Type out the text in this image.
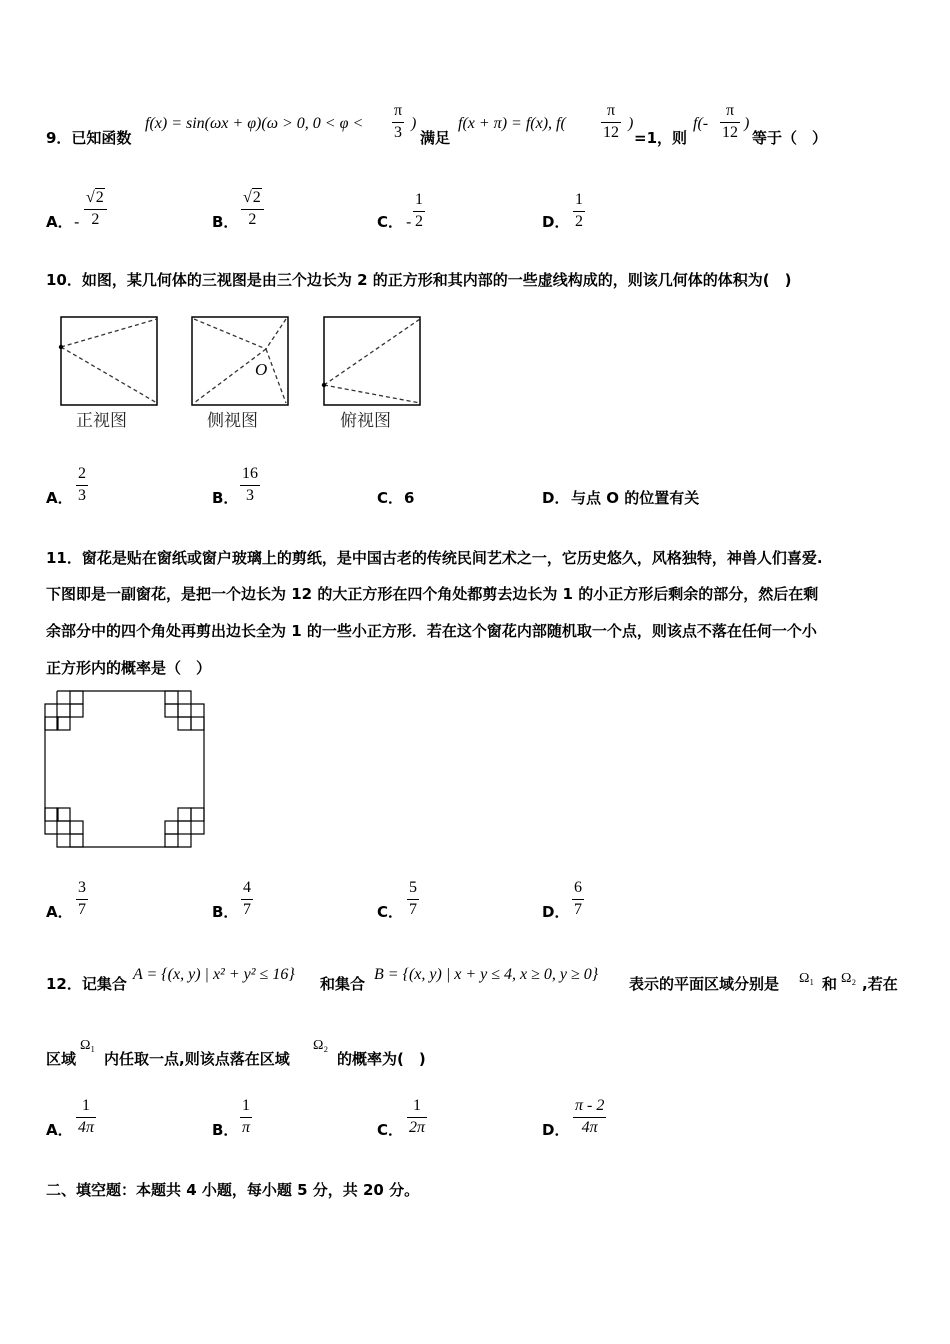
9．已知函数
f(x) = sin(ωx + φ)(ω > 0, 0 < φ <
π
3
)
满足
f(x + π) = f(x), f(
π
12
)
=1，则
f(-
π
12
)
等于（　）
A． -
√2
2	B．
√2
2	C． -
1
2	D．
1
2
10．如图，某几何体的三视图是由三个边长为 2 的正方形和其内部的一些虚线构成的，则该几何体的体积为(　)
正视图
O
侧视图	俯视图
A．
2
3	B．
16
3	C． 6	D． 与点 O 的位置有关
11．窗花是贴在窗纸或窗户玻璃上的剪纸，是中国古老的传统民间艺术之一，它历史悠久，风格独特，神兽人们喜爱.
下图即是一副窗花，是把一个边长为 12 的大正方形在四个角处都剪去边长为 1 的小正方形后剩余的部分，然后在剩
余部分中的四个角处再剪出边长全为 1 的一些小正方形．若在这个窗花内部随机取一个点，则该点不落在任何一个小
正方形内的概率是（　）
A．
3
7	B．
4
7	C．
5
7	D．
6
7
12．记集合
A = {(x, y) | x² + y² ≤ 16}
和集合
B = {(x, y) | x + y ≤ 4, x ≥ 0, y ≥ 0}
表示的平面区域分别是 Ω₁ 和 Ω₂ ,若在
区域
Ω₁
内任取一点,则该点落在区域
Ω₂
的概率为(　)
A．
1
4π	B．
1
π	C．
1
2π	D．
π - 2
4π
二、填空题：本题共 4 小题，每小题 5 分，共 20 分。
